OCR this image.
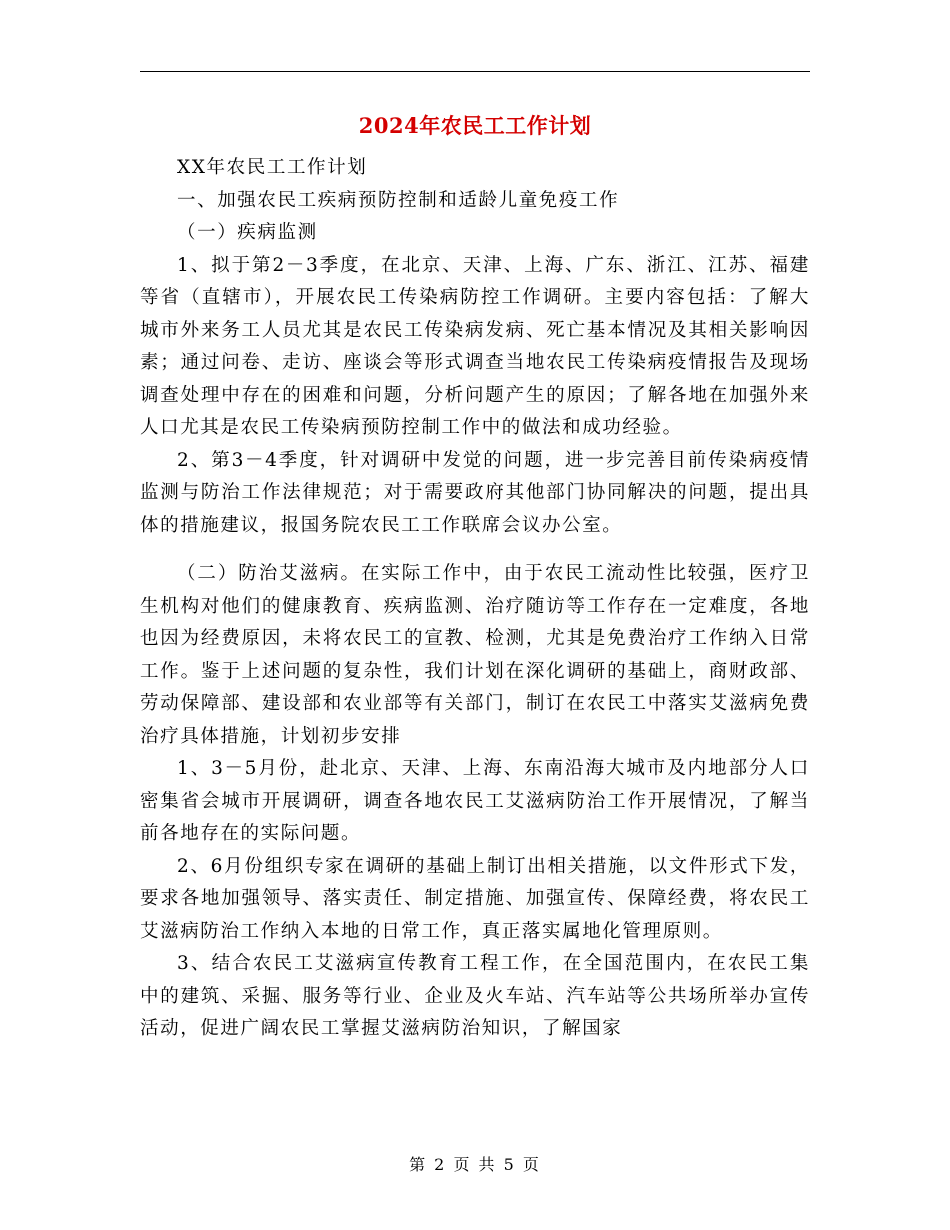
2024年农民工工作计划

XX年农民工工作计划

一、加强农民工疾病预防控制和适龄儿童免疫工作

（一）疾病监测

1、拟于第2－3季度，在北京、天津、上海、广东、浙江、江苏、福建等省（直辖市），开展农民工传染病防控工作调研。主要内容包括：了解大城市外来务工人员尤其是农民工传染病发病、死亡基本情况及其相关影响因素；通过问卷、走访、座谈会等形式调查当地农民工传染病疫情报告及现场调查处理中存在的困难和问题，分析问题产生的原因；了解各地在加强外来人口尤其是农民工传染病预防控制工作中的做法和成功经验。

2、第3－4季度，针对调研中发觉的问题，进一步完善目前传染病疫情监测与防治工作法律规范；对于需要政府其他部门协同解决的问题，提出具体的措施建议，报国务院农民工工作联席会议办公室。

（二）防治艾滋病。在实际工作中，由于农民工流动性比较强，医疗卫生机构对他们的健康教育、疾病监测、治疗随访等工作存在一定难度，各地也因为经费原因，未将农民工的宣教、检测，尤其是免费治疗工作纳入日常工作。鉴于上述问题的复杂性，我们计划在深化调研的基础上，商财政部、劳动保障部、建设部和农业部等有关部门，制订在农民工中落实艾滋病免费治疗具体措施，计划初步安排

1、3－5月份，赴北京、天津、上海、东南沿海大城市及内地部分人口密集省会城市开展调研，调查各地农民工艾滋病防治工作开展情况，了解当前各地存在的实际问题。

2、6月份组织专家在调研的基础上制订出相关措施，以文件形式下发，要求各地加强领导、落实责任、制定措施、加强宣传、保障经费，将农民工艾滋病防治工作纳入本地的日常工作，真正落实属地化管理原则。

3、结合农民工艾滋病宣传教育工程工作，在全国范围内，在农民工集中的建筑、采掘、服务等行业、企业及火车站、汽车站等公共场所举办宣传活动，促进广阔农民工掌握艾滋病防治知识，了解国家

第 2 页 共 5 页
